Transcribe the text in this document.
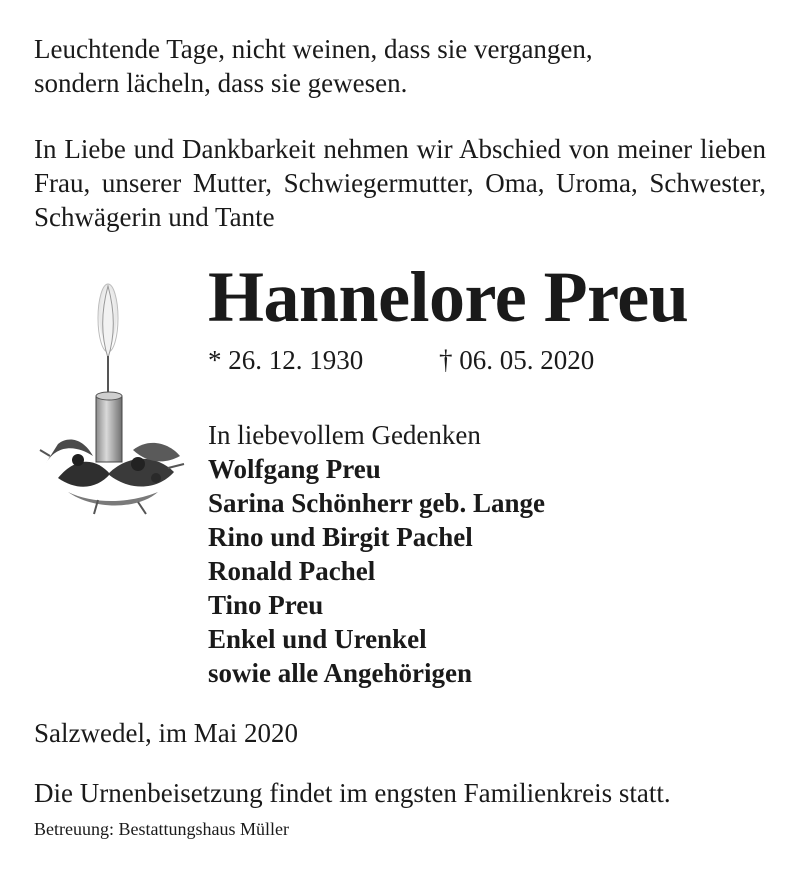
Leuchtende Tage, nicht weinen, dass sie vergangen,
sondern lächeln, dass sie gewesen.
In Liebe und Dankbarkeit nehmen wir Abschied von meiner lieben Frau, unserer Mutter, Schwiegermutter, Oma, Uroma, Schwester, Schwägerin und Tante
Hannelore Preu
* 26. 12. 1930	† 06. 05. 2020
In liebevollem Gedenken
Wolfgang Preu
Sarina Schönherr geb. Lange
Rino und Birgit Pachel
Ronald Pachel
Tino Preu
Enkel und Urenkel
sowie alle Angehörigen
Salzwedel, im Mai 2020
Die Urnenbeisetzung findet im engsten Familienkreis statt.
Betreuung: Bestattungshaus Müller
